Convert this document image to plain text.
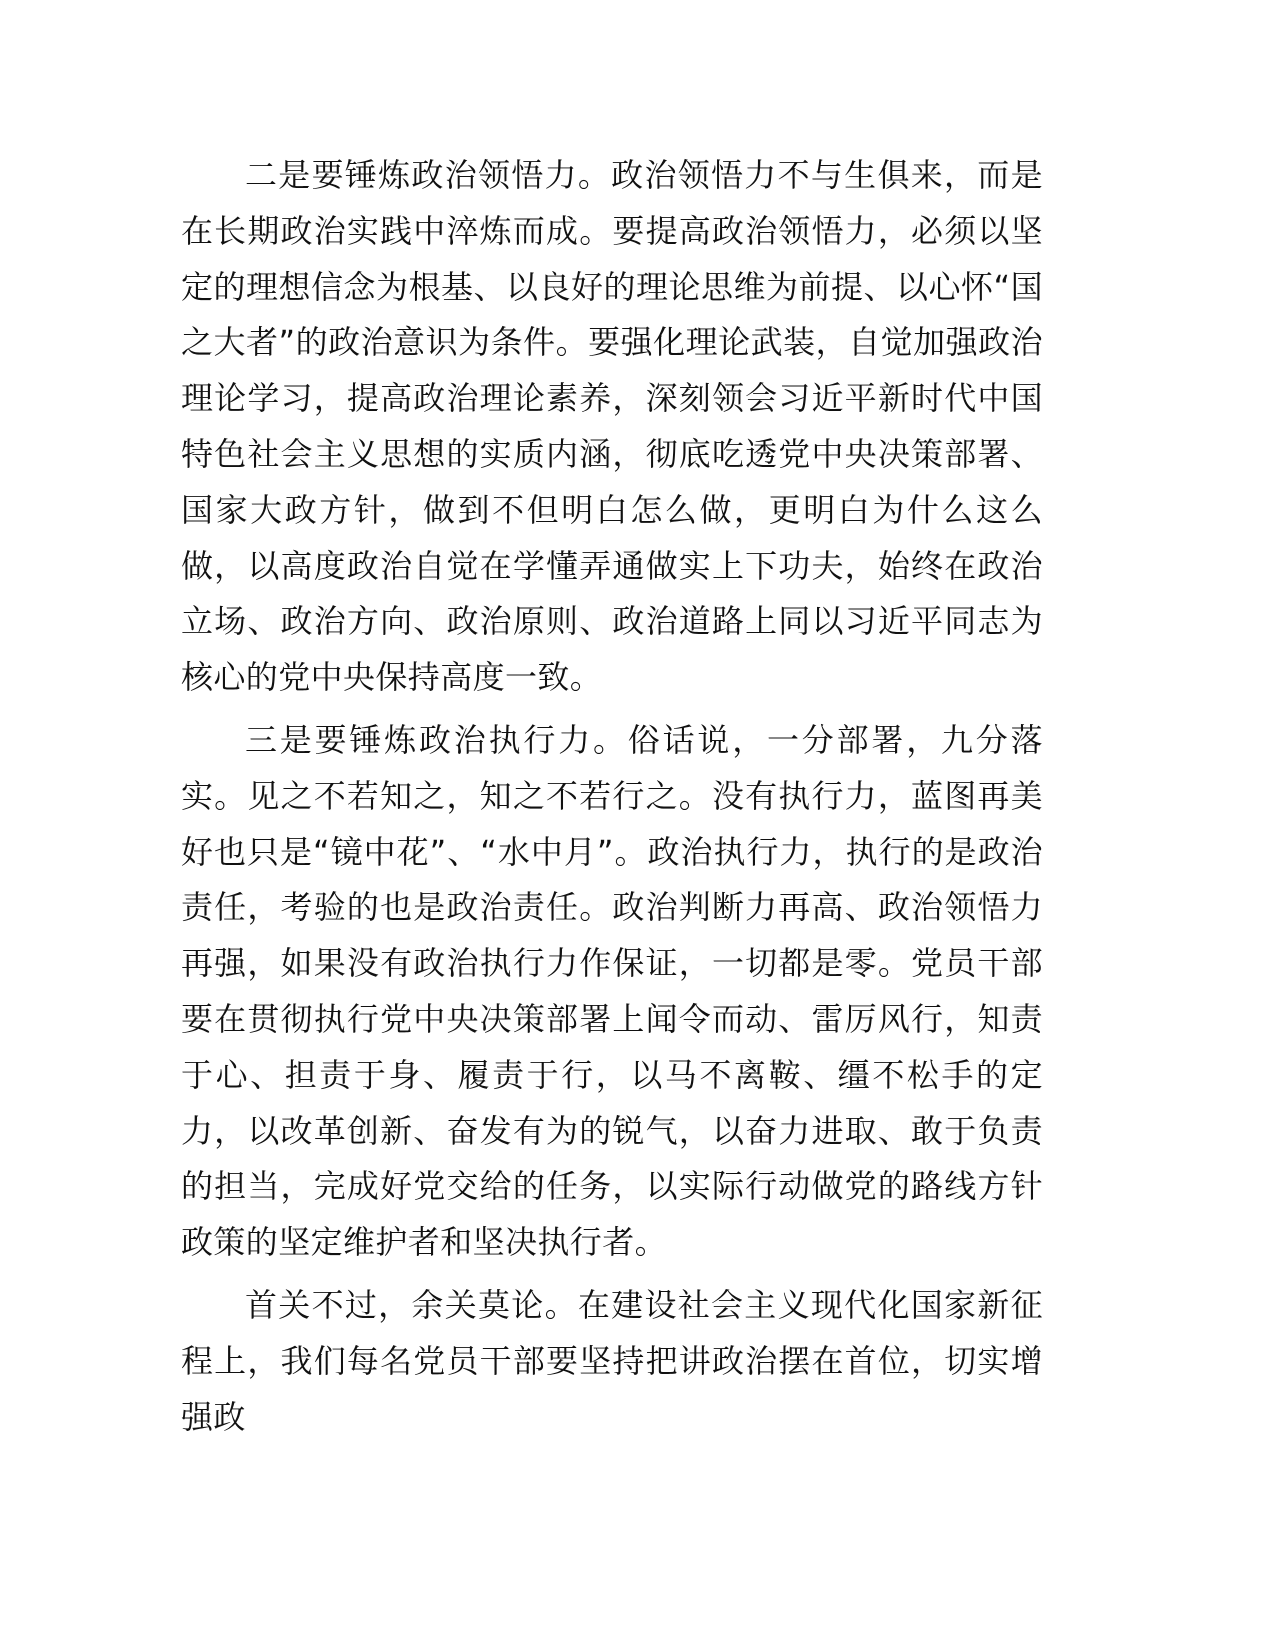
二是要锤炼政治领悟力。政治领悟力不与生俱来，而是在长期政治实践中淬炼而成。要提高政治领悟力，必须以坚定的理想信念为根基、以良好的理论思维为前提、以心怀“国之大者”的政治意识为条件。要强化理论武装，自觉加强政治理论学习，提高政治理论素养，深刻领会习近平新时代中国特色社会主义思想的实质内涵，彻底吃透党中央决策部署、国家大政方针，做到不但明白怎么做，更明白为什么这么做，以高度政治自觉在学懂弄通做实上下功夫，始终在政治立场、政治方向、政治原则、政治道路上同以习近平同志为核心的党中央保持高度一致。

三是要锤炼政治执行力。俗话说，一分部署，九分落实。见之不若知之，知之不若行之。没有执行力，蓝图再美好也只是“镜中花”、“水中月”。政治执行力，执行的是政治责任，考验的也是政治责任。政治判断力再高、政治领悟力再强，如果没有政治执行力作保证，一切都是零。党员干部要在贯彻执行党中央决策部署上闻令而动、雷厉风行，知责于心、担责于身、履责于行，以马不离鞍、缰不松手的定力，以改革创新、奋发有为的锐气，以奋力进取、敢于负责的担当，完成好党交给的任务，以实际行动做党的路线方针政策的坚定维护者和坚决执行者。

首关不过，余关莫论。在建设社会主义现代化国家新征程上，我们每名党员干部要坚持把讲政治摆在首位，切实增强政
